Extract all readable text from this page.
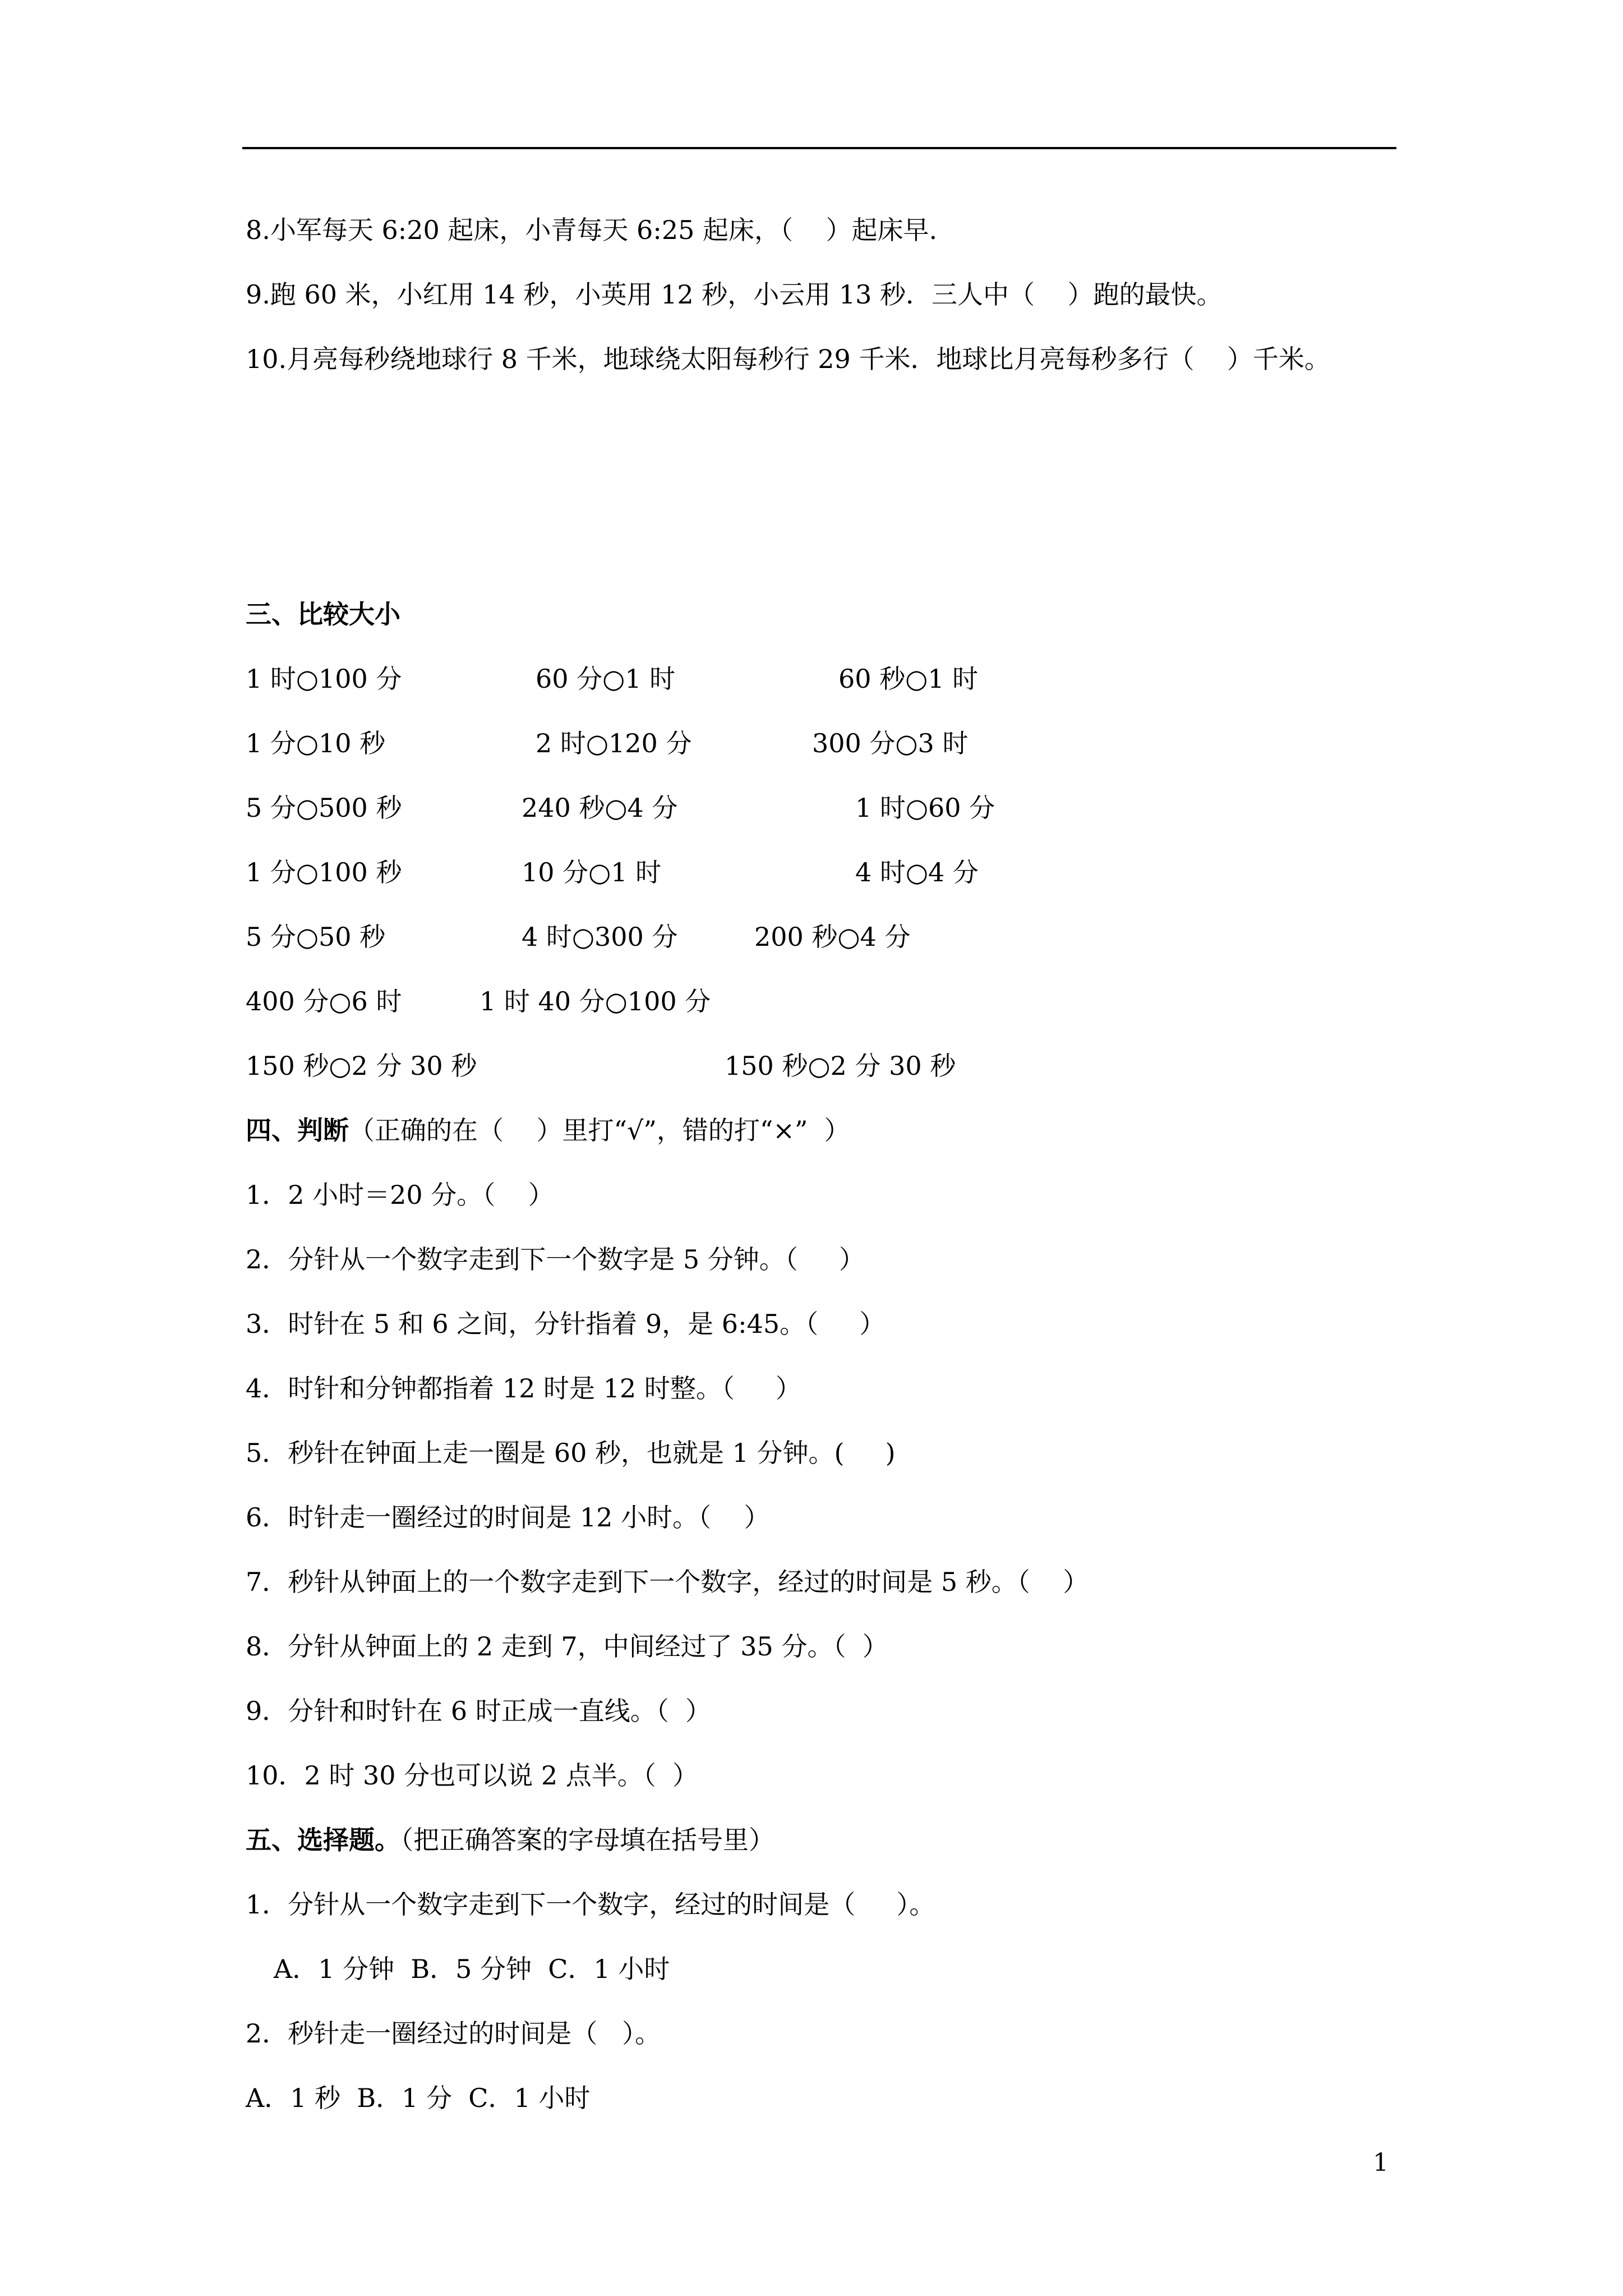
8.小军每天 6:20 起床，小青每天 6:25 起床，（    ）起床早.
9.跑 60 米，小红用 14 秒，小英用 12 秒，小云用 13 秒．三人中（    ）跑的最快。
10.月亮每秒绕地球行 8 千米，地球绕太阳每秒行 29 千米．地球比月亮每秒多行（    ）千米。
三、比较大小
1 时○100 分	60 分○1 时	60 秒○1 时
1 分○10 秒	2 时○120 分	300 分○3 时
5 分○500 秒	240 秒○4 分	1 时○60 分
1 分○100 秒	10 分○1 时	4 时○4 分
5 分○50 秒	4 时○300 分	200 秒○4 分
400 分○6 时	1 时 40 分○100 分
150 秒○2 分 30 秒	150 秒○2 分 30 秒
四、判断（正确的在（    ）里打“√”，错的打“×”  ）
1．2 小时＝20 分。（    ）
2．分针从一个数字走到下一个数字是 5 分钟。（     ）
3．时针在 5 和 6 之间，分针指着 9，是 6:45。（     ）
4．时针和分钟都指着 12 时是 12 时整。（     ）
5．秒针在钟面上走一圈是 60 秒，也就是 1 分钟。(     )
6．时针走一圈经过的时间是 12 小时。（    ）
7．秒针从钟面上的一个数字走到下一个数字，经过的时间是 5 秒。（    ）
8．分针从钟面上的 2 走到 7，中间经过了 35 分。（  ）
9．分针和时针在 6 时正成一直线。（  ）
10．2 时 30 分也可以说 2 点半。（  ）
五、选择题。（把正确答案的字母填在括号里）
1．分针从一个数字走到下一个数字，经过的时间是（     ）。
A．1 分钟  B．5 分钟  C．1 小时
2．秒针走一圈经过的时间是（   ）。
A．1 秒  B．1 分  C．1 小时
1
